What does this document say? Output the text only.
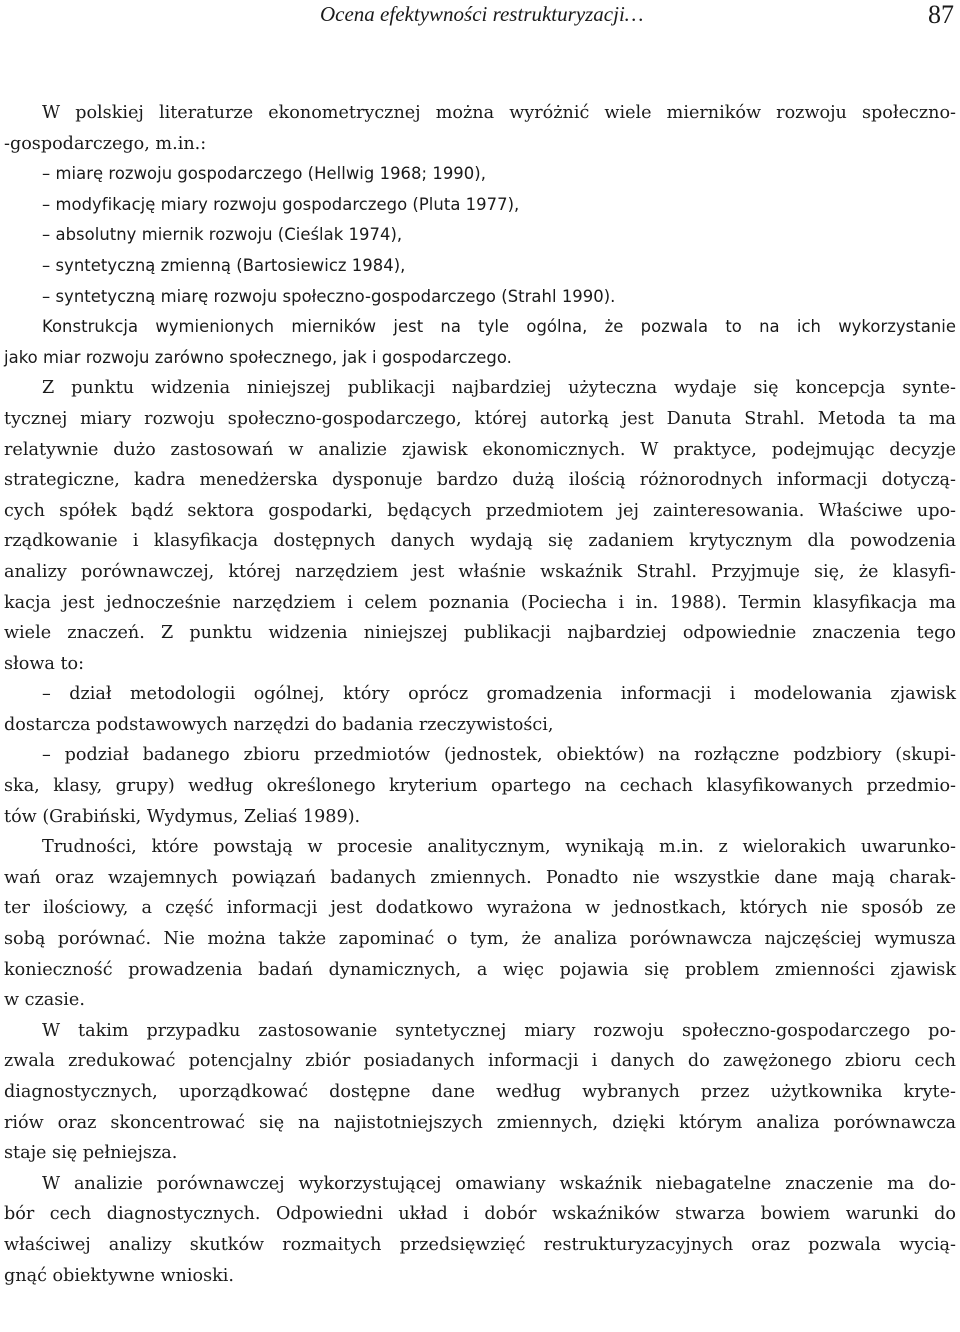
Ocena efektywności restrukturyzacji…	87
W polskiej literaturze ekonometrycznej można wyróżnić wiele mierników rozwoju społeczno-
-gospodarczego, m.in.:
– miarę rozwoju gospodarczego (Hellwig 1968; 1990),
– modyfikację miary rozwoju gospodarczego (Pluta 1977),
– absolutny miernik rozwoju (Cieślak 1974),
– syntetyczną zmienną (Bartosiewicz 1984),
– syntetyczną miarę rozwoju społeczno-gospodarczego (Strahl 1990).
Konstrukcja wymienionych mierników jest na tyle ogólna, że pozwala to na ich wykorzystanie
jako miar rozwoju zarówno społecznego, jak i gospodarczego.
Z punktu widzenia niniejszej publikacji najbardziej użyteczna wydaje się koncepcja synte-
tycznej miary rozwoju społeczno-gospodarczego, której autorką jest Danuta Strahl. Metoda ta ma
relatywnie dużo zastosowań w analizie zjawisk ekonomicznych. W praktyce, podejmując decyzje
strategiczne, kadra menedżerska dysponuje bardzo dużą ilością różnorodnych informacji dotyczą-
cych spółek bądź sektora gospodarki, będących przedmiotem jej zainteresowania. Właściwe upo-
rządkowanie i klasyfikacja dostępnych danych wydają się zadaniem krytycznym dla powodzenia
analizy porównawczej, której narzędziem jest właśnie wskaźnik Strahl. Przyjmuje się, że klasyfi-
kacja jest jednocześnie narzędziem i celem poznania (Pociecha i in. 1988). Termin klasyfikacja ma
wiele znaczeń. Z punktu widzenia niniejszej publikacji najbardziej odpowiednie znaczenia tego
słowa to:
– dział metodologii ogólnej, który oprócz gromadzenia informacji i modelowania zjawisk
dostarcza podstawowych narzędzi do badania rzeczywistości,
– podział badanego zbioru przedmiotów (jednostek, obiektów) na rozłączne podzbiory (skupi-
ska, klasy, grupy) według określonego kryterium opartego na cechach klasyfikowanych przedmio-
tów (Grabiński, Wydymus, Zeliaś 1989).
Trudności, które powstają w procesie analitycznym, wynikają m.in. z wielorakich uwarunko-
wań oraz wzajemnych powiązań badanych zmiennych. Ponadto nie wszystkie dane mają charak-
ter ilościowy, a część informacji jest dodatkowo wyrażona w jednostkach, których nie sposób ze
sobą porównać. Nie można także zapominać o tym, że analiza porównawcza najczęściej wymusza
konieczność prowadzenia badań dynamicznych, a więc pojawia się problem zmienności zjawisk
w czasie.
W takim przypadku zastosowanie syntetycznej miary rozwoju społeczno-gospodarczego po-
zwala zredukować potencjalny zbiór posiadanych informacji i danych do zawężonego zbioru cech
diagnostycznych, uporządkować dostępne dane według wybranych przez użytkownika kryte-
riów oraz skoncentrować się na najistotniejszych zmiennych, dzięki którym analiza porównawcza
staje się pełniejsza.
W analizie porównawczej wykorzystującej omawiany wskaźnik niebagatelne znaczenie ma do-
bór cech diagnostycznych. Odpowiedni układ i dobór wskaźników stwarza bowiem warunki do
właściwej analizy skutków rozmaitych przedsięwzięć restrukturyzacyjnych oraz pozwala wycią-
gnąć obiektywne wnioski.
